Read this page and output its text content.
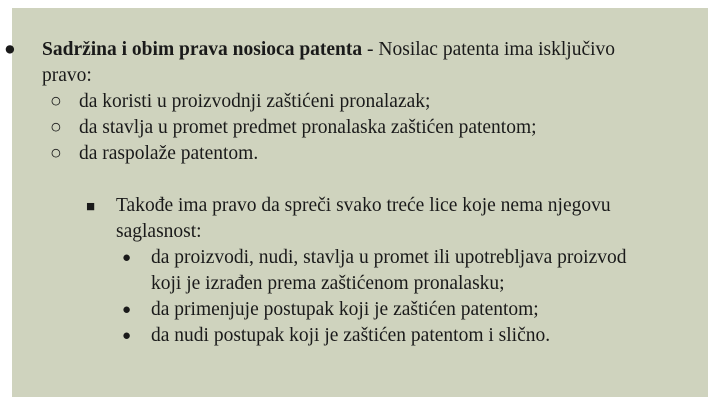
● Sadržina i obim prava nosioca patenta - Nosilac patenta ima isključivo

pravo:

○ da koristi u proizvodnji zaštićeni pronalazak;

○ da stavlja u promet predmet pronalaska zaštićen patentom;

○ da raspolaže patentom.

■ Takođe ima pravo da spreči svako treće lice koje nema njegovu

saglasnost:

● da proizvodi, nudi, stavlja u promet ili upotrebljava proizvod

koji je izrađen prema zaštićenom pronalasku;

● da primenjuje postupak koji je zaštićen patentom;

● da nudi postupak koji je zaštićen patentom i slično.
